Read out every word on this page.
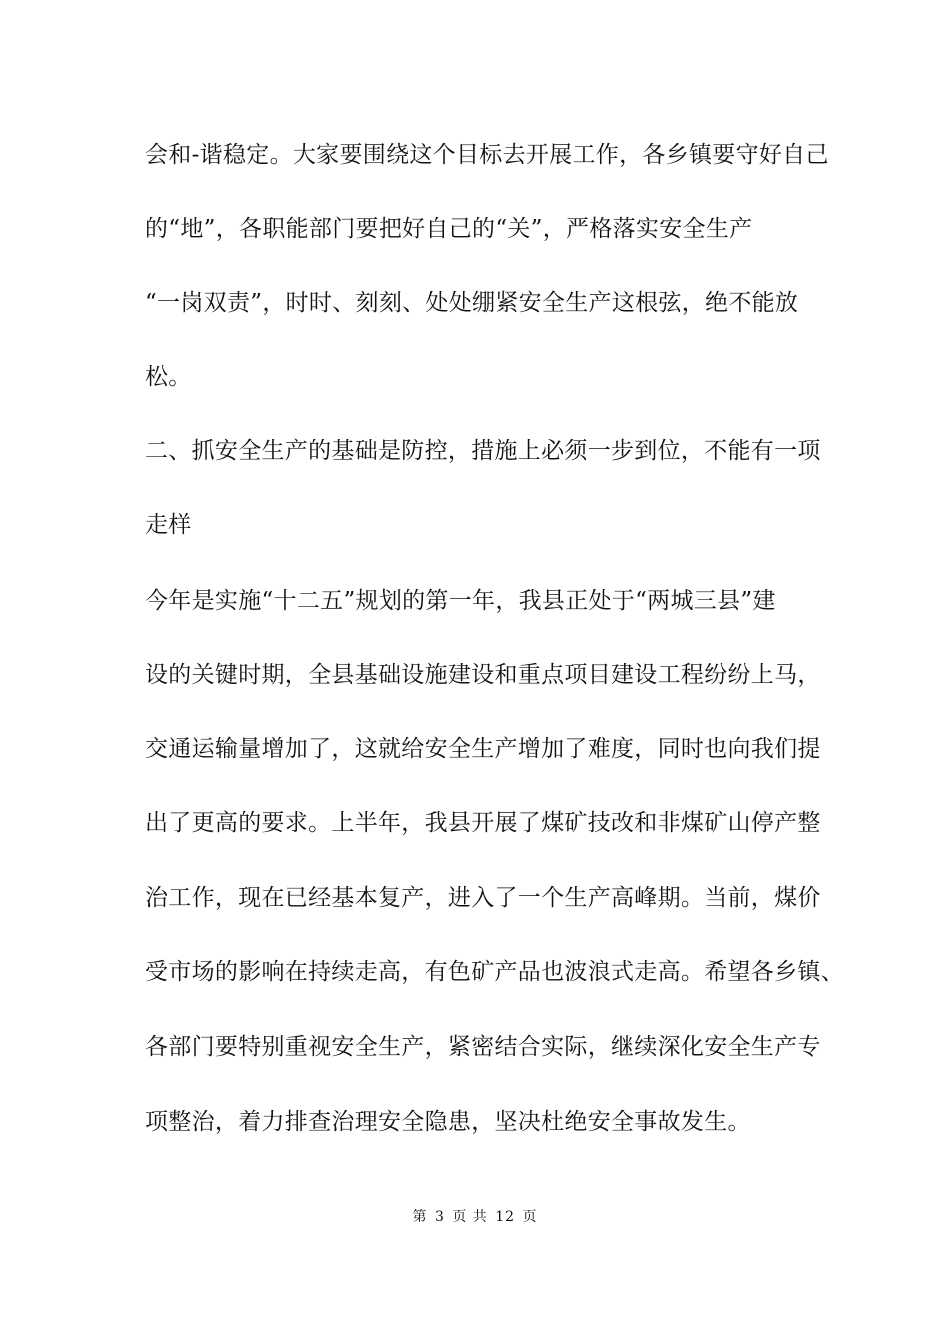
会和-谐稳定。大家要围绕这个目标去开展工作，各乡镇要守好自己

的“地”，各职能部门要把好自己的“关”，严格落实安全生产

“一岗双责”，时时、刻刻、处处绷紧安全生产这根弦，绝不能放

松。

二、抓安全生产的基础是防控，措施上必须一步到位，不能有一项

走样

今年是实施“十二五”规划的第一年，我县正处于“两城三县”建

设的关键时期，全县基础设施建设和重点项目建设工程纷纷上马，

交通运输量增加了，这就给安全生产增加了难度，同时也向我们提

出了更高的要求。上半年，我县开展了煤矿技改和非煤矿山停产整

治工作，现在已经基本复产，进入了一个生产高峰期。当前，煤价

受市场的影响在持续走高，有色矿产品也波浪式走高。希望各乡镇、

各部门要特别重视安全生产，紧密结合实际，继续深化安全生产专

项整治，着力排查治理安全隐患，坚决杜绝安全事故发生。

第 3 页 共 12 页
